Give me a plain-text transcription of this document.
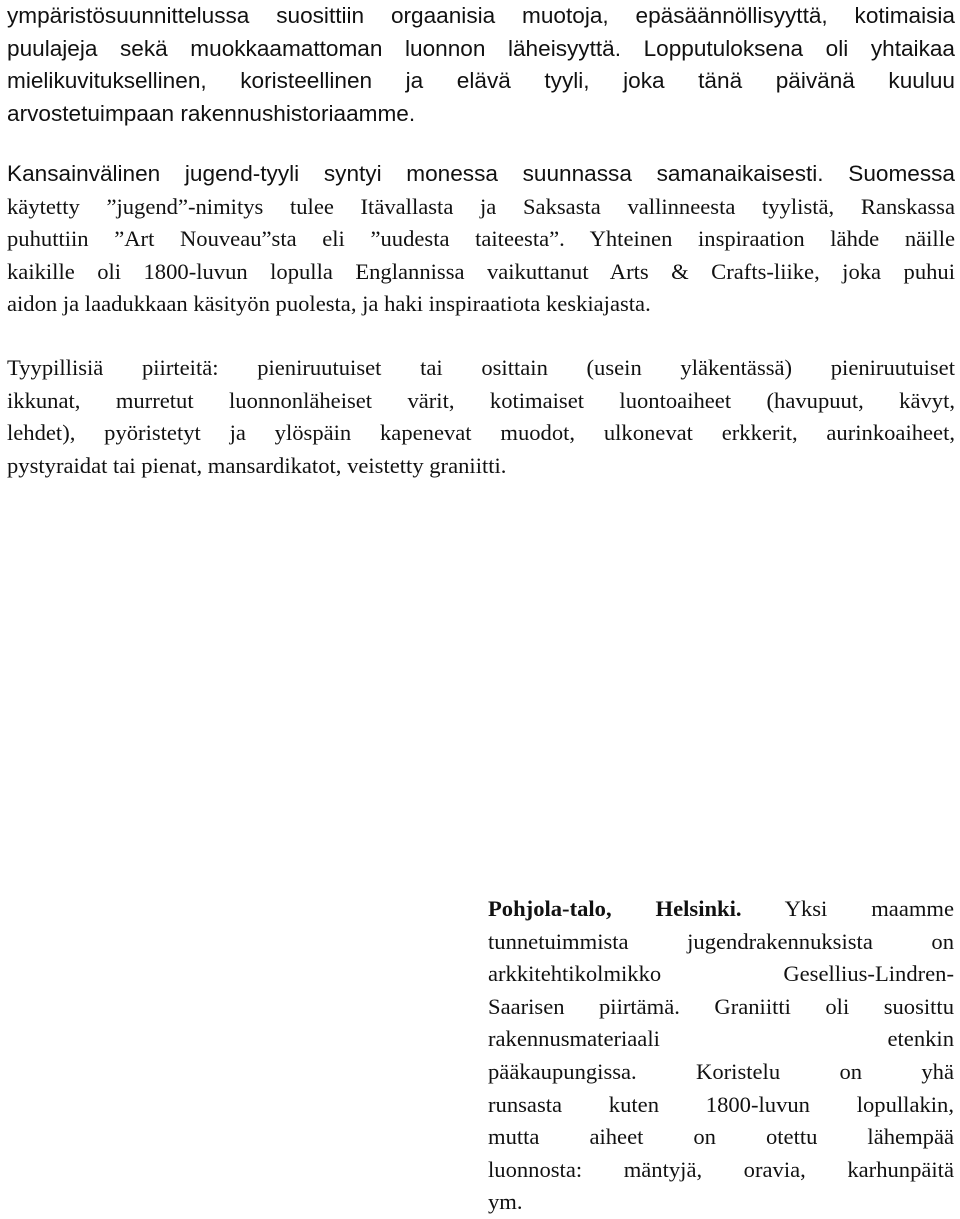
ympäristösuunnittelussa suosittiin orgaanisia muotoja, epäsäännöllisyyttä, kotimaisia
puulajeja sekä muokkaamattoman luonnon läheisyyttä. Lopputuloksena oli yhtaikaa
mielikuvituksellinen, koristeellinen ja elävä tyyli, joka tänä päivänä kuuluu
arvostetuimpaan rakennushistoriaamme.

Kansainvälinen jugend-tyyli syntyi monessa suunnassa samanaikaisesti. Suomessa
käytetty ”jugend”-nimitys tulee Itävallasta ja Saksasta vallinneesta tyylistä, Ranskassa
puhuttiin ”Art Nouveau”sta eli ”uudesta taiteesta”. Yhteinen inspiraation lähde näille
kaikille oli 1800-luvun lopulla Englannissa vaikuttanut Arts & Crafts-liike, joka puhui
aidon ja laadukkaan käsityön puolesta, ja haki inspiraatiota keskiajasta.

Tyypillisiä piirteitä: pieniruutuiset tai osittain (usein yläkentässä) pieniruutuiset
ikkunat, murretut luonnonläheiset värit, kotimaiset luontoaiheet (havupuut, kävyt,
lehdet), pyöristetyt ja ylöspäin kapenevat muodot, ulkonevat erkkerit, aurinkoaiheet,
pystyraidat tai pienat, mansardikatot, veistetty graniitti.

Pohjola-talo, Helsinki. Yksi maamme
tunnetuimmista jugendrakennuksista on
arkkitehtikolmikko Gesellius-Lindren-
Saarisen piirtämä. Graniitti oli suosittu
rakennusmateriaali etenkin
pääkaupungissa. Koristelu on yhä
runsasta kuten 1800-luvun lopullakin,
mutta aiheet on otettu lähempää
luonnosta: mäntyjä, oravia, karhunpäitä
ym.
